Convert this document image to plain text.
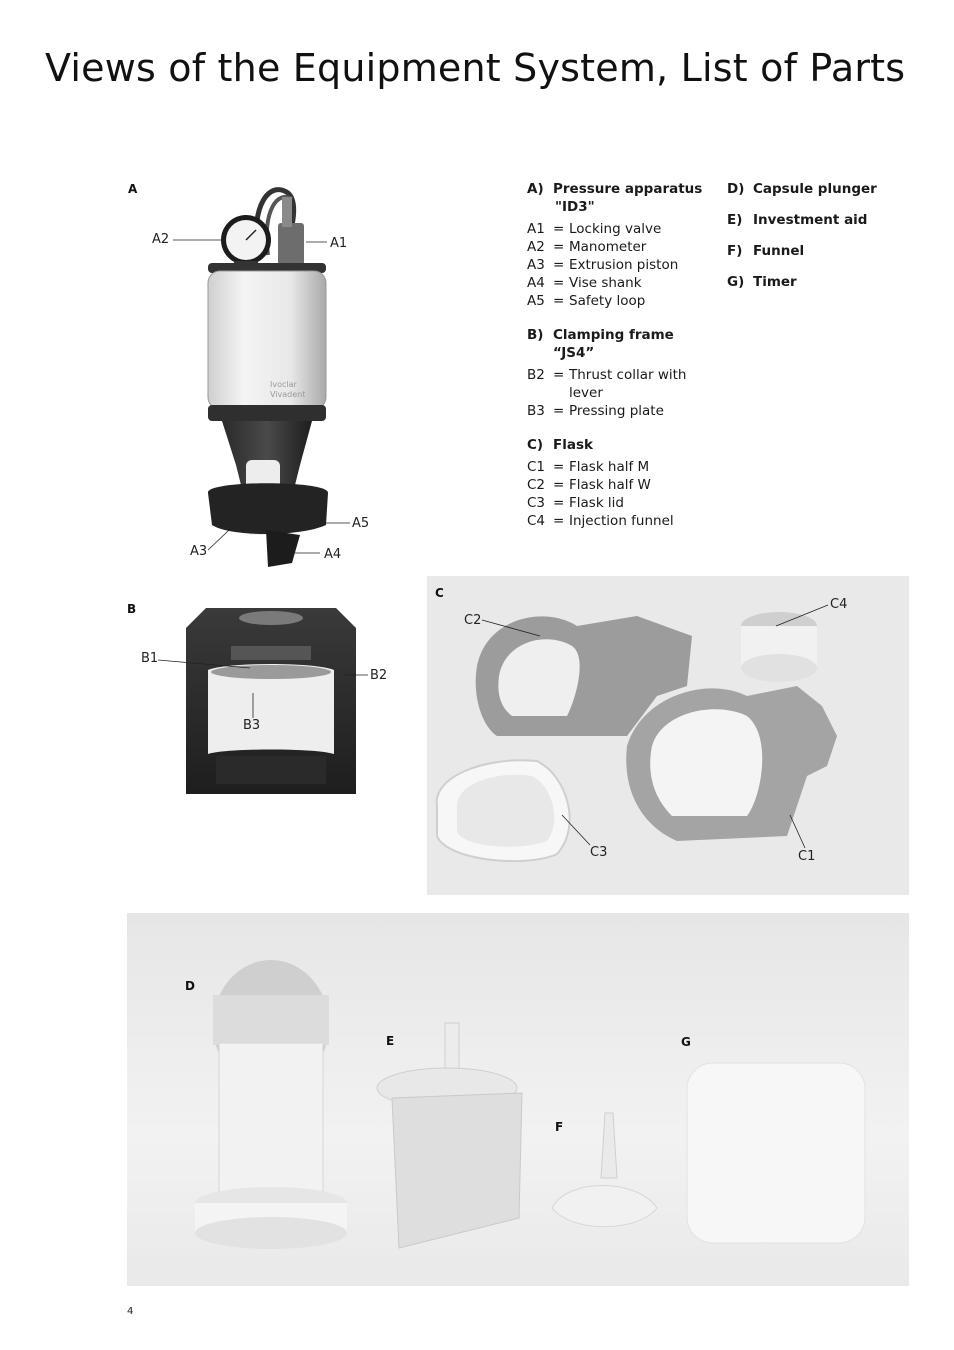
Views of the Equipment System, List of Parts
A
Ivoclar
Vivadent
A2	A1
A3
A5
A4
A) Pressure apparatus
"ID3"
A1 = Locking valve
A2 = Manometer
A3 = Extrusion piston
A4 = Vise shank
A5 = Safety loop
B) Clamping frame “JS4”
B2 = Thrust collar with lever
B3 = Pressing plate
C) Flask
C1 = Flask half M
C2 = Flask half W
C3 = Flask lid
C4 = Injection funnel
D) Capsule plunger
E) Investment aid
F) Funnel
G) Timer
B
B1
B2
B3
C
C2
C4
C3	C1
D
E
F
G
4
